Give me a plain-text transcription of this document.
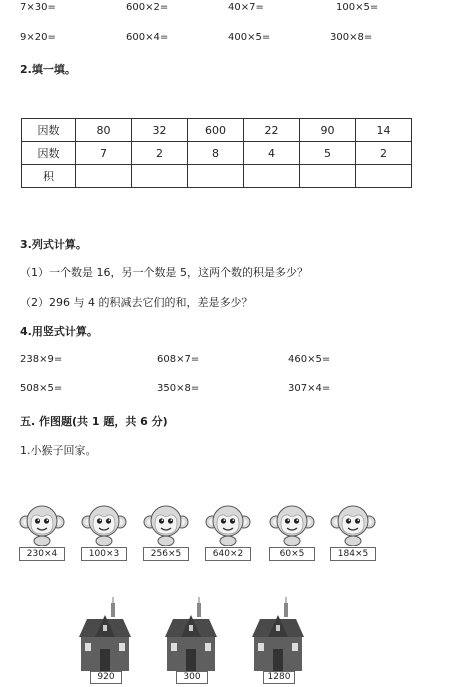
7×30=	600×2=	40×7=	100×5=
9×20=	600×4=	400×5=	300×8=
2.填一填。
因数	80	32	600	22	90	14
因数	7	2	8	4	5	2
积						
3.列式计算。
（1）一个数是 16，另一个数是 5，这两个数的积是多少？
（2）296 与 4 的积减去它们的和，差是多少？
4.用竖式计算。
238×9=	608×7=	460×5=
508×5=	350×8=	307×4=
五. 作图题(共 1 题，共 6 分)
1.小猴子回家。
230×4	100×3	256×5	640×2	60×5	184×5
920	300	1280
